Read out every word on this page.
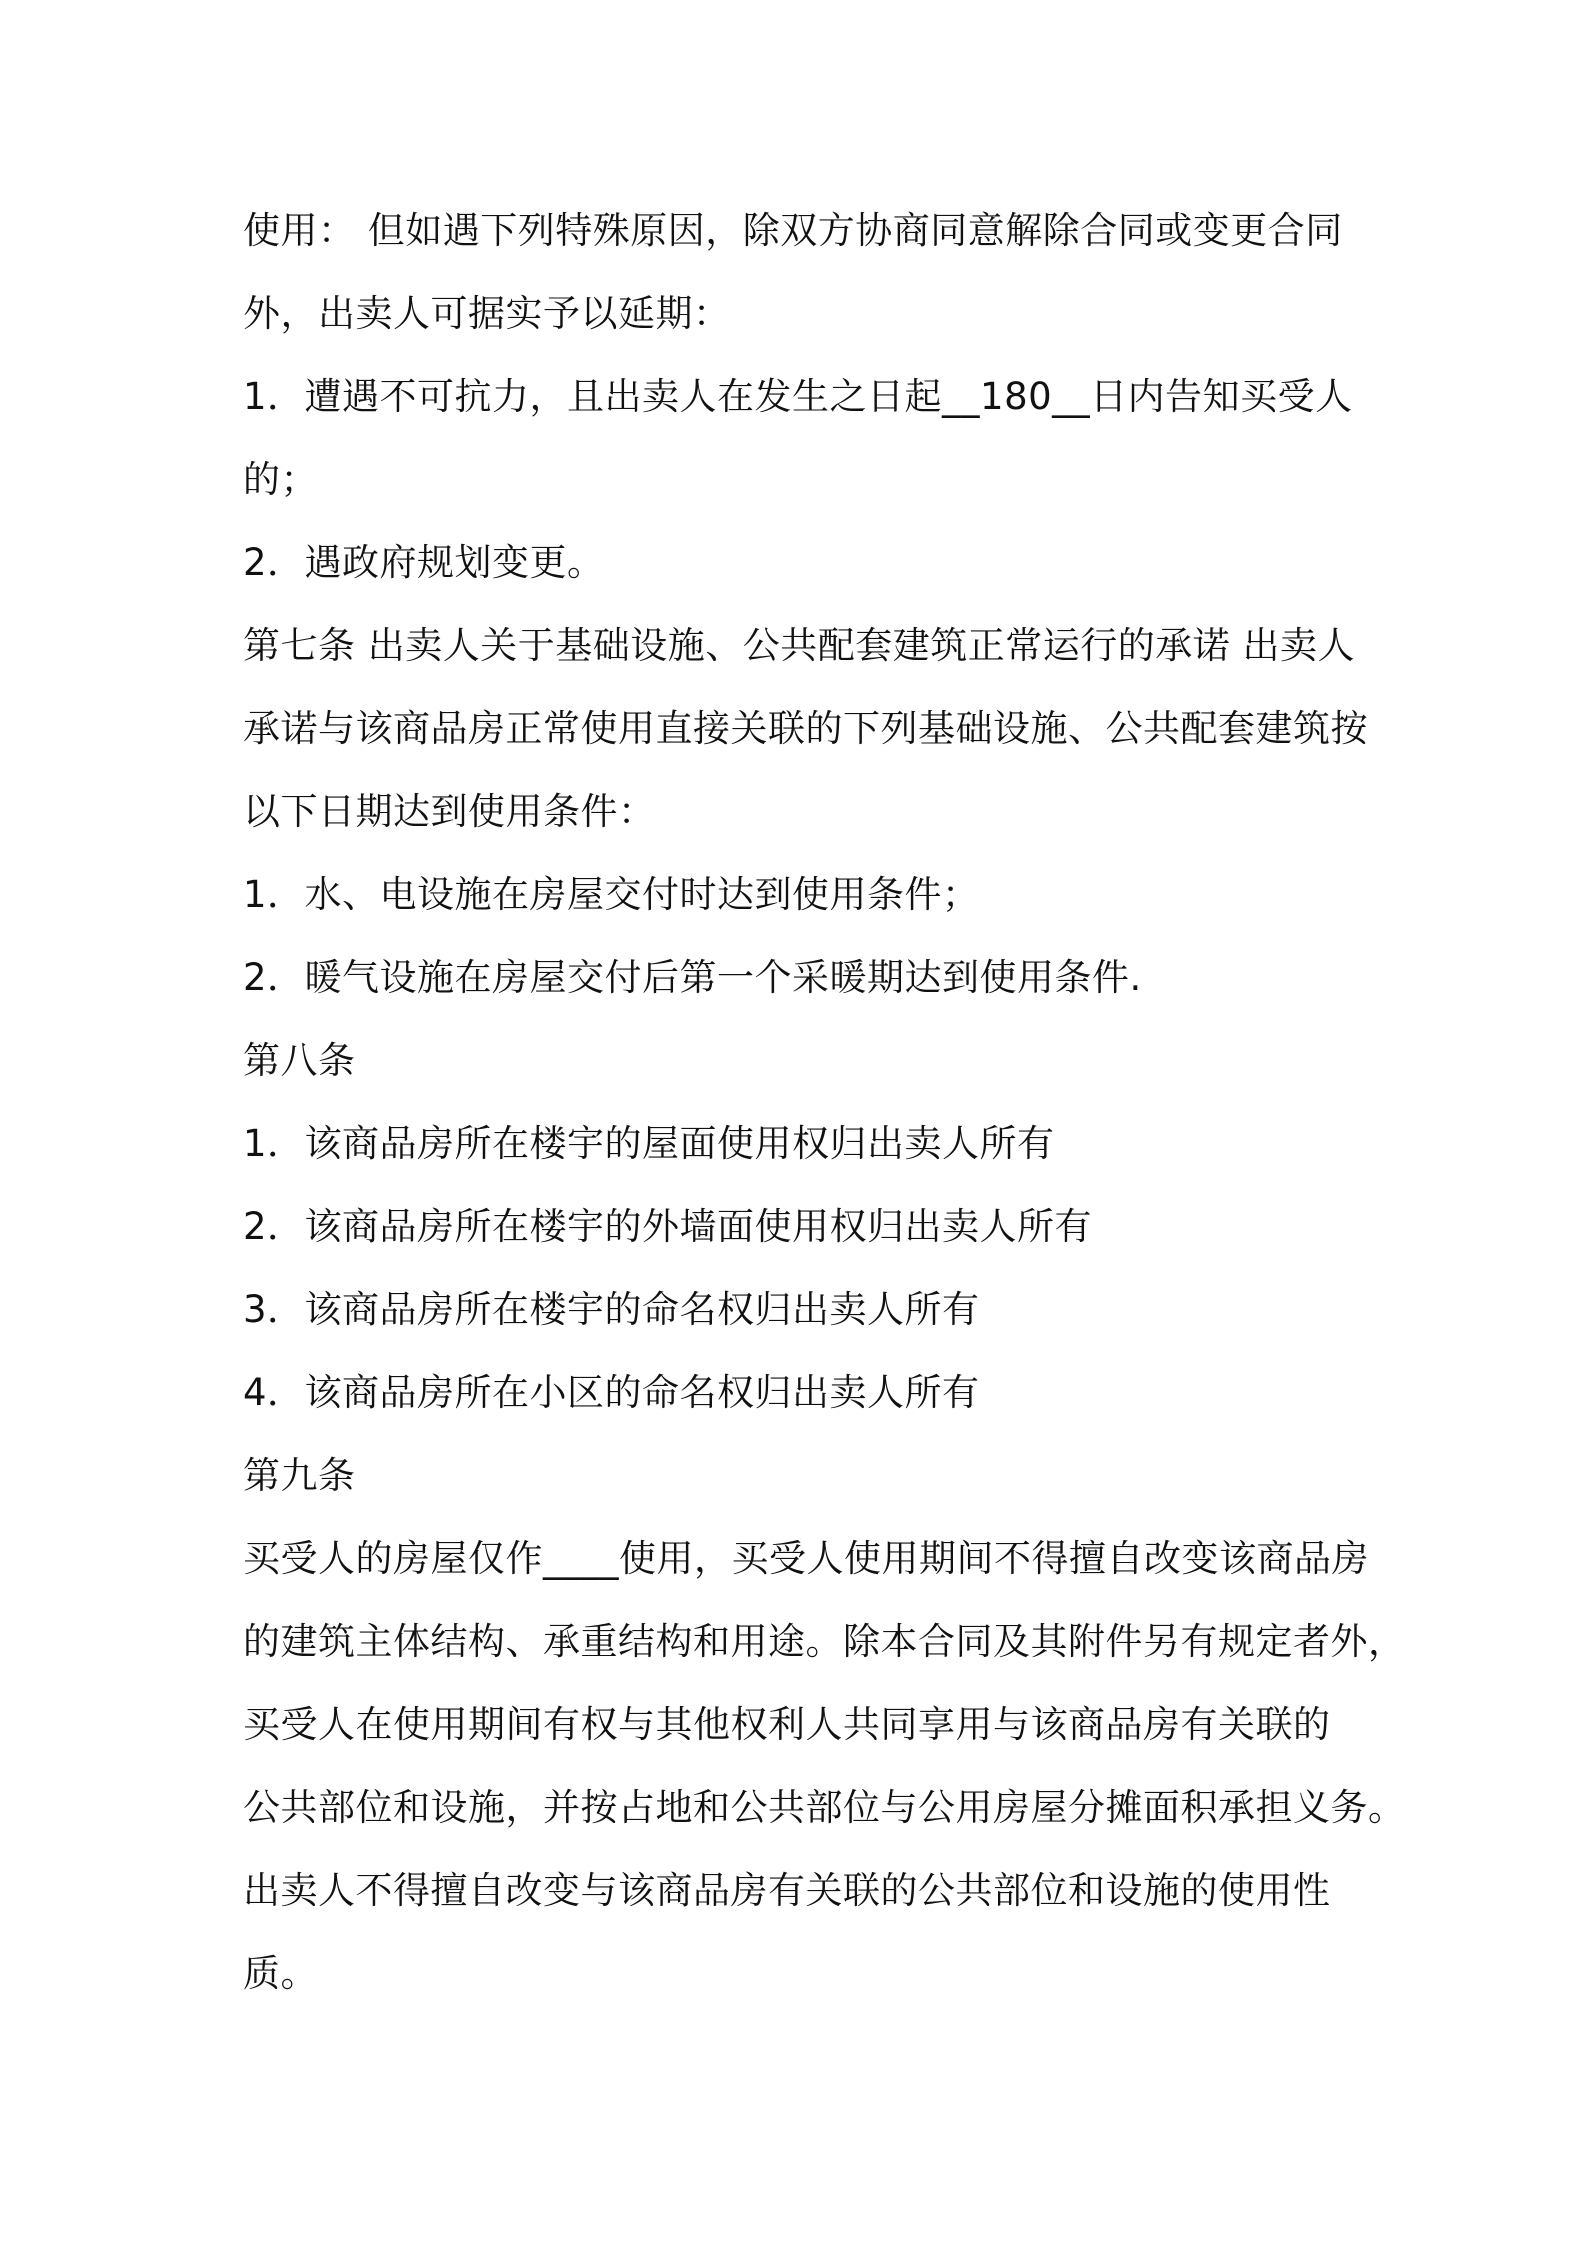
使用： 但如遇下列特殊原因，除双方协商同意解除合同或变更合同
外，出卖人可据实予以延期：
1．遭遇不可抗力，且出卖人在发生之日起__180__日内告知买受人
的；
2．遇政府规划变更。
第七条 出卖人关于基础设施、公共配套建筑正常运行的承诺 出卖人
承诺与该商品房正常使用直接关联的下列基础设施、公共配套建筑按
以下日期达到使用条件：
1．水、电设施在房屋交付时达到使用条件；
2．暖气设施在房屋交付后第一个采暖期达到使用条件.
第八条
1．该商品房所在楼宇的屋面使用权归出卖人所有
2．该商品房所在楼宇的外墙面使用权归出卖人所有
3．该商品房所在楼宇的命名权归出卖人所有
4．该商品房所在小区的命名权归出卖人所有
第九条
买受人的房屋仅作____使用，买受人使用期间不得擅自改变该商品房
的建筑主体结构、承重结构和用途。除本合同及其附件另有规定者外，
买受人在使用期间有权与其他权利人共同享用与该商品房有关联的
公共部位和设施，并按占地和公共部位与公用房屋分摊面积承担义务。
出卖人不得擅自改变与该商品房有关联的公共部位和设施的使用性
质。
